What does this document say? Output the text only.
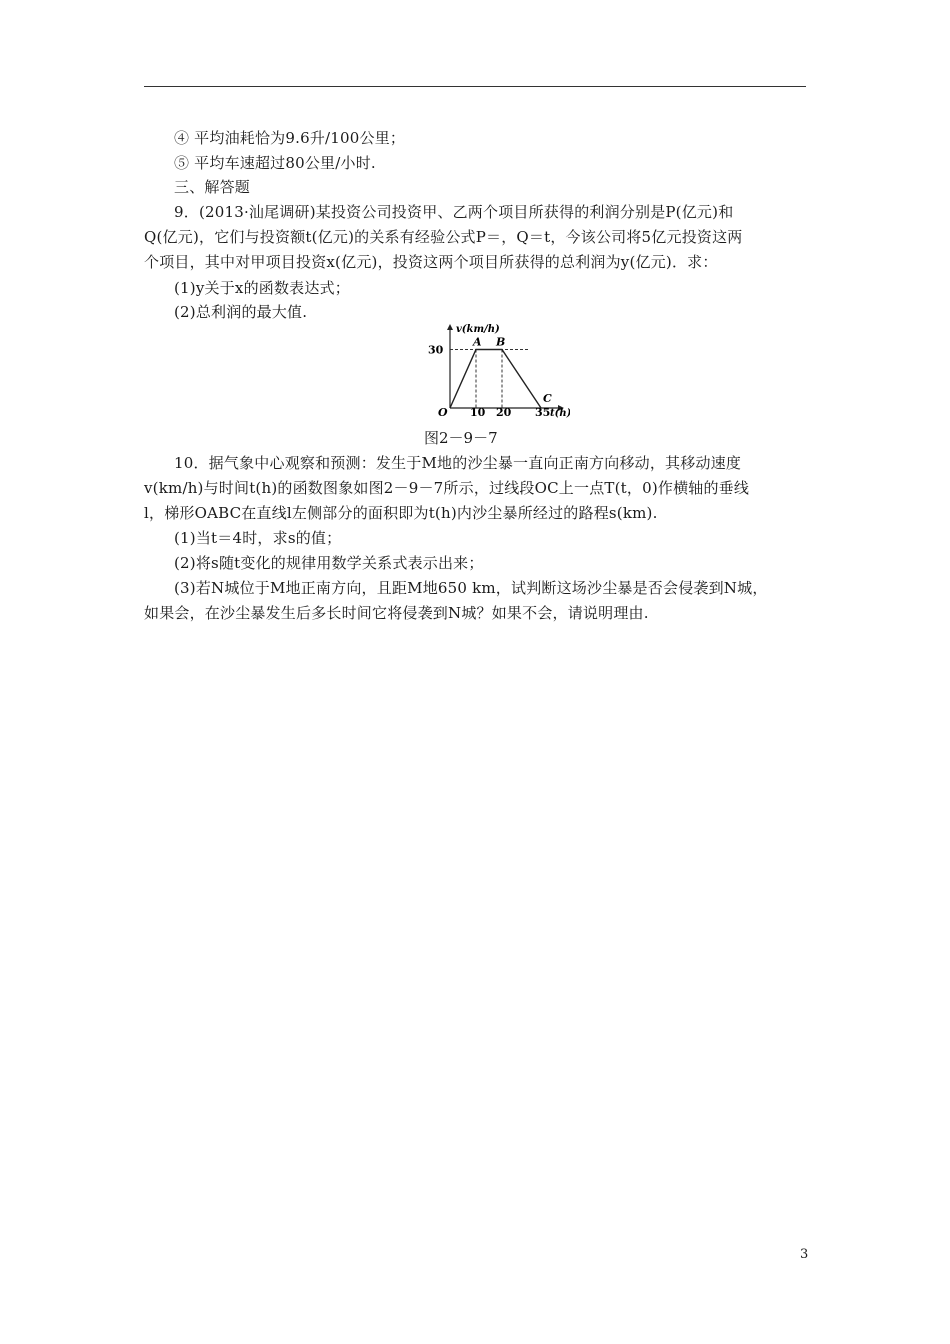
④ 平均油耗恰为9.6升/100公里；
⑤ 平均车速超过80公里/小时.
三、解答题
9．(2013·汕尾调研)某投资公司投资甲、乙两个项目所获得的利润分别是P(亿元)和
Q(亿元)，它们与投资额t(亿元)的关系有经验公式P＝，Q＝t，今该公司将5亿元投资这两
个项目，其中对甲项目投资x(亿元)，投资这两个项目所获得的总利润为y(亿元)．求：
(1)y关于x的函数表达式；
(2)总利润的最大值.
v(km/h)
t(h)
O
30
10 20 35
A B
C
图2－9－7
10．据气象中心观察和预测：发生于M地的沙尘暴一直向正南方向移动，其移动速度
v(km/h)与时间t(h)的函数图象如图2－9－7所示，过线段OC上一点T(t，0)作横轴的垂线
l，梯形OABC在直线l左侧部分的面积即为t(h)内沙尘暴所经过的路程s(km).
(1)当t＝4时，求s的值；
(2)将s随t变化的规律用数学关系式表示出来；
(3)若N城位于M地正南方向，且距M地650 km，试判断这场沙尘暴是否会侵袭到N城，
如果会，在沙尘暴发生后多长时间它将侵袭到N城？如果不会，请说明理由.
3
